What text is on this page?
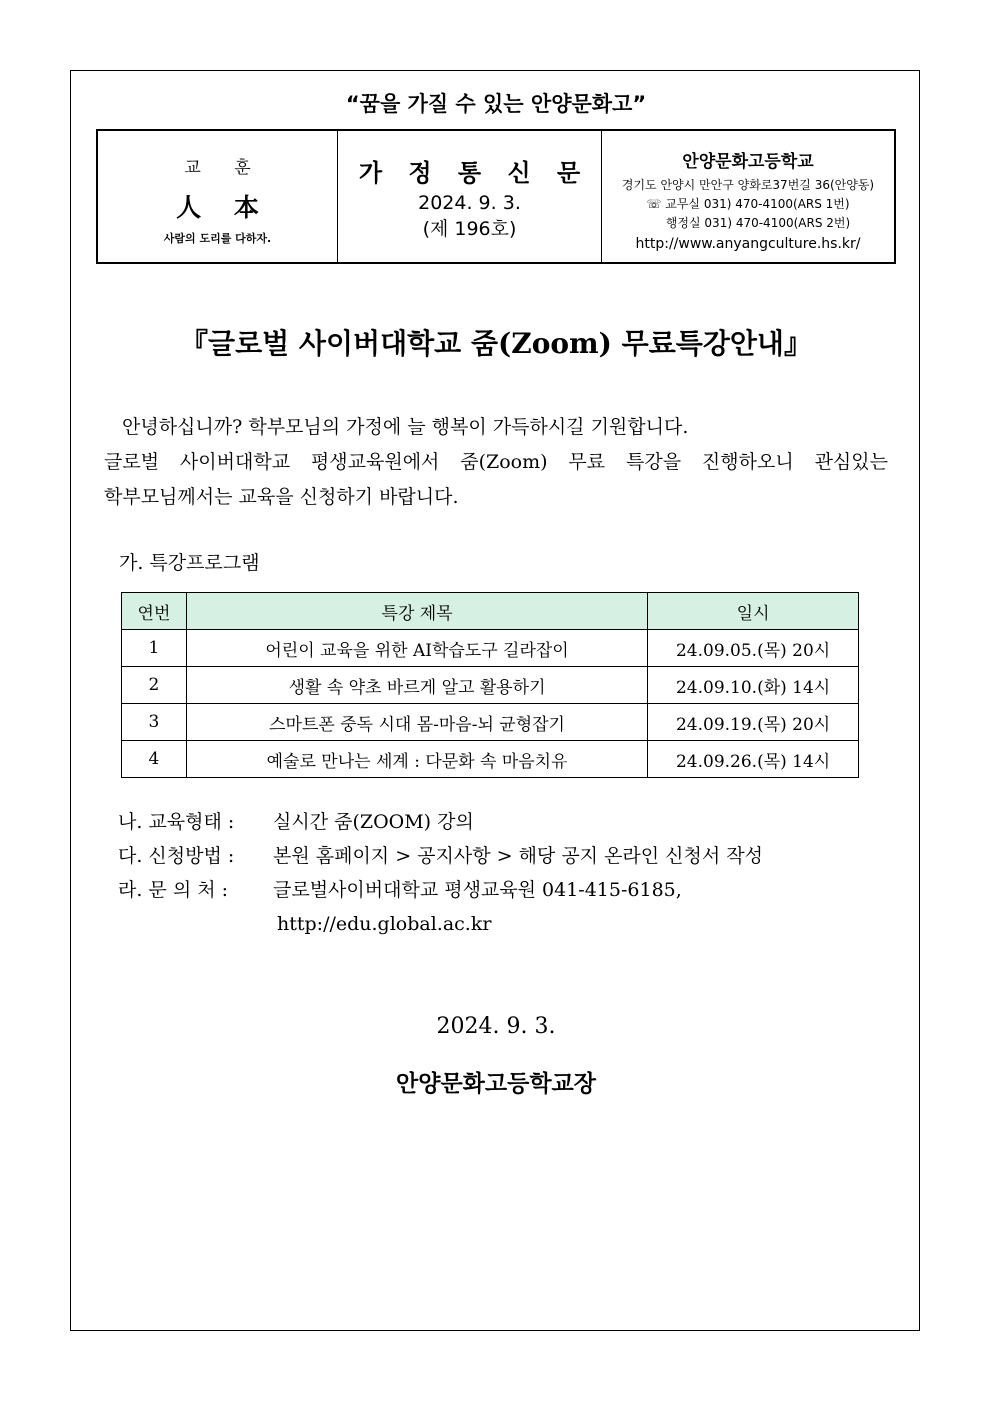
“꿈을 가질 수 있는 안양문화고”
교 훈
人 本
사람의 도리를 다하자.
가 정 통 신 문
2024. 9. 3.
(제 196호)
안양문화고등학교
경기도 안양시 만안구 양화로37번길 36(안양동)
☏ 교무실 031) 470-4100(ARS 1번)
행정실 031) 470-4100(ARS 2번)
http://www.anyangculture.hs.kr/
『글로벌 사이버대학교 줌(Zoom) 무료특강안내』
안녕하십니까? 학부모님의 가정에 늘 행복이 가득하시길 기원합니다.
글로벌 사이버대학교 평생교육원에서 줌(Zoom) 무료 특강을 진행하오니 관심있는
학부모님께서는 교육을 신청하기 바랍니다.
가. 특강프로그램
연번	특강 제목	일시
1	어린이 교육을 위한 AI학습도구 길라잡이	24.09.05.(목) 20시
2	생활 속 약초 바르게 알고 활용하기	24.09.10.(화) 14시
3	스마트폰 중독 시대 몸-마음-뇌 균형잡기	24.09.19.(목) 20시
4	예술로 만나는 세계 : 다문화 속 마음치유	24.09.26.(목) 14시
나. 교육형태 : 실시간 줌(ZOOM) 강의
다. 신청방법 : 본원 홈페이지 > 공지사항 > 해당 공지 온라인 신청서 작성
라. 문 의 처 : 글로벌사이버대학교 평생교육원 041-415-6185,
http://edu.global.ac.kr
2024. 9. 3.
안양문화고등학교장
